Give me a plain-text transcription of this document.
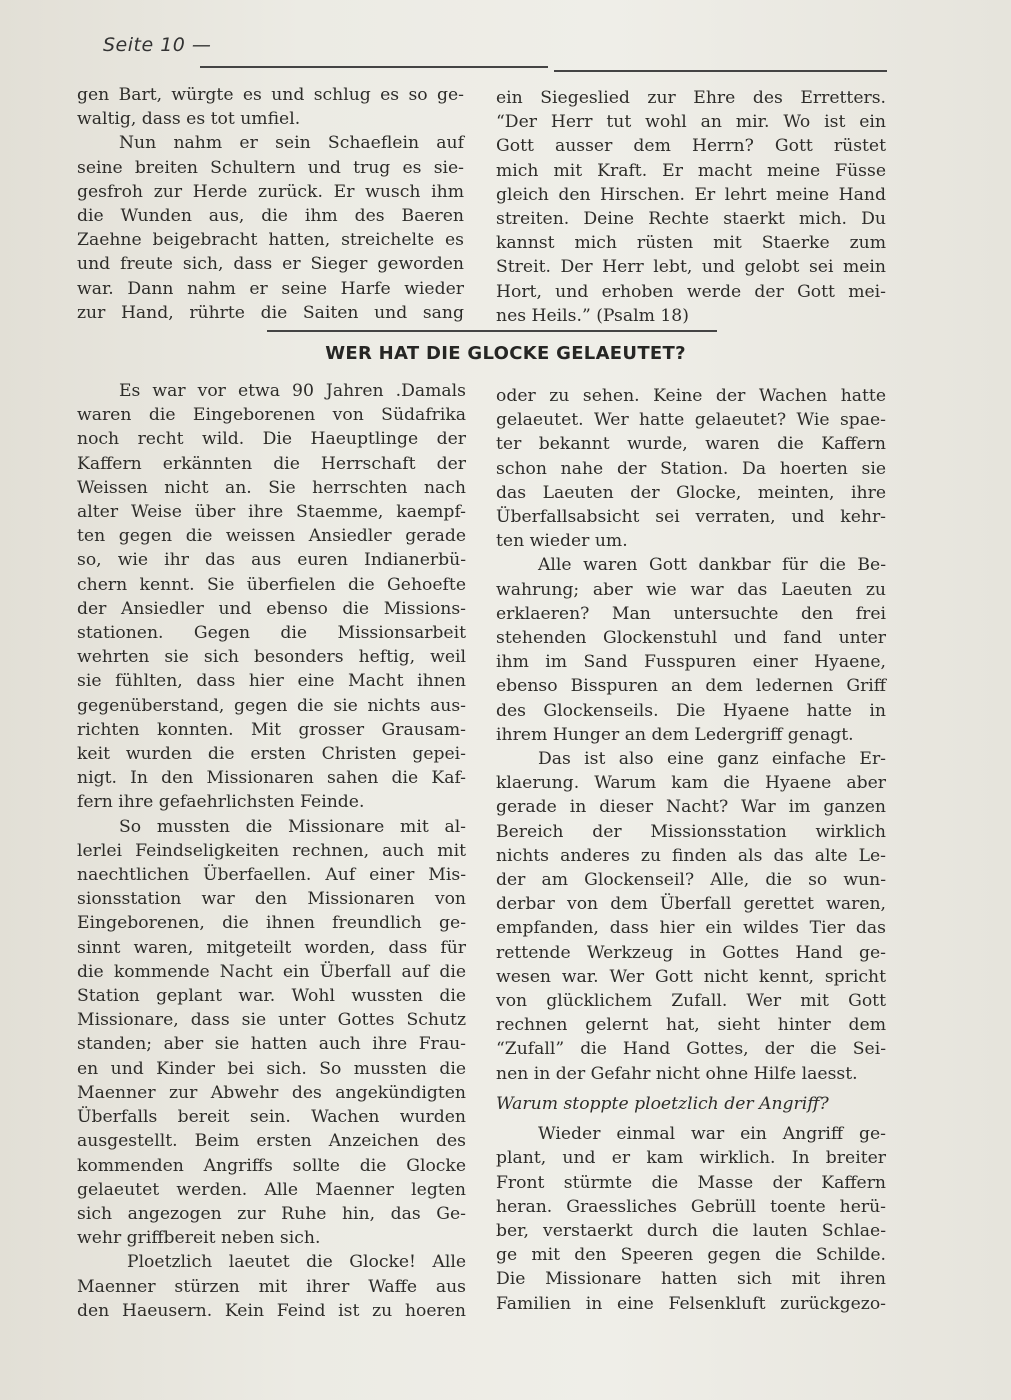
Seite 10 —
gen Bart, würgte es und schlug es so ge-
waltig, dass es tot umfiel.
Nun nahm er sein Schaeflein auf
seine breiten Schultern und trug es sie-
gesfroh zur Herde zurück. Er wusch ihm
die Wunden aus, die ihm des Baeren
Zaehne beigebracht hatten, streichelte es
und freute sich, dass er Sieger geworden
war. Dann nahm er seine Harfe wieder
zur Hand, rührte die Saiten und sang
ein Siegeslied zur Ehre des Erretters.
“Der Herr tut wohl an mir. Wo ist ein
Gott ausser dem Herrn? Gott rüstet
mich mit Kraft. Er macht meine Füsse
gleich den Hirschen. Er lehrt meine Hand
streiten. Deine Rechte staerkt mich. Du
kannst mich rüsten mit Staerke zum
Streit. Der Herr lebt, und gelobt sei mein
Hort, und erhoben werde der Gott mei-
nes Heils.” (Psalm 18)
WER HAT DIE GLOCKE GELAEUTET?
Es war vor etwa 90 Jahren .Damals
waren die Eingeborenen von Südafrika
noch recht wild. Die Haeuptlinge der
Kaffern erkännten die Herrschaft der
Weissen nicht an. Sie herrschten nach
alter Weise über ihre Staemme, kaempf-
ten gegen die weissen Ansiedler gerade
so, wie ihr das aus euren Indianerbü-
chern kennt. Sie überfielen die Gehoefte
der Ansiedler und ebenso die Missions-
stationen. Gegen die Missionsarbeit
wehrten sie sich besonders heftig, weil
sie fühlten, dass hier eine Macht ihnen
gegenüberstand, gegen die sie nichts aus-
richten konnten. Mit grosser Grausam-
keit wurden die ersten Christen gepei-
nigt. In den Missionaren sahen die Kaf-
fern ihre gefaehrlichsten Feinde.
So mussten die Missionare mit al-
lerlei Feindseligkeiten rechnen, auch mit
naechtlichen Überfaellen. Auf einer Mis-
sionsstation war den Missionaren von
Eingeborenen, die ihnen freundlich ge-
sinnt waren, mitgeteilt worden, dass für
die kommende Nacht ein Überfall auf die
Station geplant war. Wohl wussten die
Missionare, dass sie unter Gottes Schutz
standen; aber sie hatten auch ihre Frau-
en und Kinder bei sich. So mussten die
Maenner zur Abwehr des angekündigten
Überfalls bereit sein. Wachen wurden
ausgestellt. Beim ersten Anzeichen des
kommenden Angriffs sollte die Glocke
gelaeutet werden. Alle Maenner legten
sich angezogen zur Ruhe hin, das Ge-
wehr griffbereit neben sich.
Ploetzlich laeutet die Glocke! Alle
Maenner stürzen mit ihrer Waffe aus
den Haeusern. Kein Feind ist zu hoeren
oder zu sehen. Keine der Wachen hatte
gelaeutet. Wer hatte gelaeutet? Wie spae-
ter bekannt wurde, waren die Kaffern
schon nahe der Station. Da hoerten sie
das Laeuten der Glocke, meinten, ihre
Überfallsabsicht sei verraten, und kehr-
ten wieder um.
Alle waren Gott dankbar für die Be-
wahrung; aber wie war das Laeuten zu
erklaeren? Man untersuchte den frei
stehenden Glockenstuhl und fand unter
ihm im Sand Fusspuren einer Hyaene,
ebenso Bisspuren an dem ledernen Griff
des Glockenseils. Die Hyaene hatte in
ihrem Hunger an dem Ledergriff genagt.
Das ist also eine ganz einfache Er-
klaerung. Warum kam die Hyaene aber
gerade in dieser Nacht? War im ganzen
Bereich der Missionsstation wirklich
nichts anderes zu finden als das alte Le-
der am Glockenseil? Alle, die so wun-
derbar von dem Überfall gerettet waren,
empfanden, dass hier ein wildes Tier das
rettende Werkzeug in Gottes Hand ge-
wesen war. Wer Gott nicht kennt, spricht
von glücklichem Zufall. Wer mit Gott
rechnen gelernt hat, sieht hinter dem
“Zufall” die Hand Gottes, der die Sei-
nen in der Gefahr nicht ohne Hilfe laesst.
Warum stoppte ploetzlich der Angriff?
Wieder einmal war ein Angriff ge-
plant, und er kam wirklich. In breiter
Front stürmte die Masse der Kaffern
heran. Graessliches Gebrüll toente herü-
ber, verstaerkt durch die lauten Schlae-
ge mit den Speeren gegen die Schilde.
Die Missionare hatten sich mit ihren
Familien in eine Felsenkluft zurückgezo-
